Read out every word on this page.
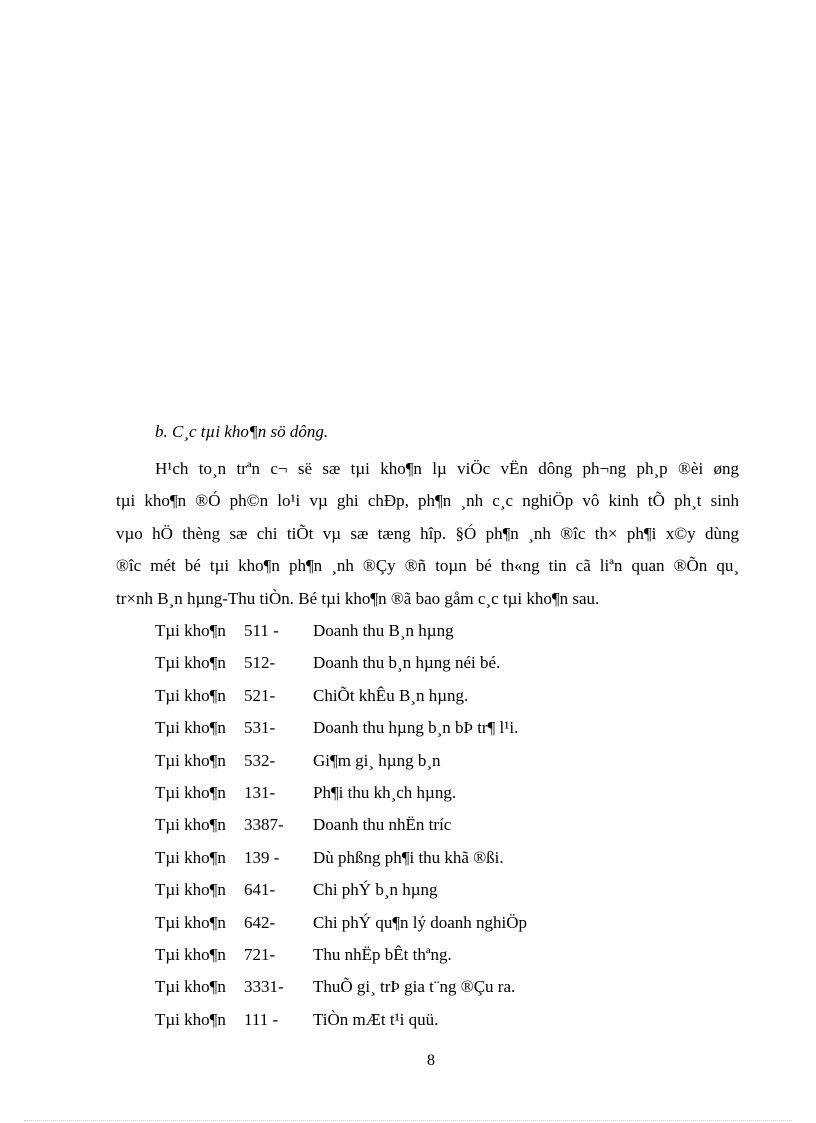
b. C¸c tµi kho¶n sö dông.
H¹ch to¸n trªn c¬ së sæ tµi kho¶n lµ viÖc vËn dông ph¬ng ph¸p ®èi øng
tµi kho¶n ®Ó ph©n lo¹i vµ ghi chÐp, ph¶n ¸nh c¸c nghiÖp vô kinh tÕ ph¸t sinh
vµo hÖ thèng sæ chi tiÕt vµ sæ tæng hîp. §Ó ph¶n ¸nh ®îc th× ph¶i x©y dùng
®îc mét bé tµi kho¶n ph¶n ¸nh ®Çy ®ñ toµn bé th«ng tin cã liªn quan ®Õn qu¸
tr×nh B¸n hµng-Thu tiÒn. Bé tµi kho¶n ®ã bao gåm c¸c tµi kho¶n sau.
Tµi kho¶n 511 - Doanh thu B¸n hµng
Tµi kho¶n 512- Doanh thu b¸n hµng néi bé.
Tµi kho¶n 521- ChiÕt khÊu B¸n hµng.
Tµi kho¶n 531- Doanh thu hµng b¸n bÞ tr¶ l¹i.
Tµi kho¶n 532- Gi¶m gi¸ hµng b¸n
Tµi kho¶n 131- Ph¶i thu kh¸ch hµng.
Tµi kho¶n 3387- Doanh thu nhËn tríc
Tµi kho¶n 139 - Dù phßng ph¶i thu khã ®ßi.
Tµi kho¶n 641- Chi phÝ b¸n hµng
Tµi kho¶n 642- Chi phÝ qu¶n lý doanh nghiÖp
Tµi kho¶n 721- Thu nhËp bÊt thªng.
Tµi kho¶n 3331- ThuÕ gi¸ trÞ gia t¨ng ®Çu ra.
Tµi kho¶n 111 - TiÒn mÆt t¹i quü.
8
